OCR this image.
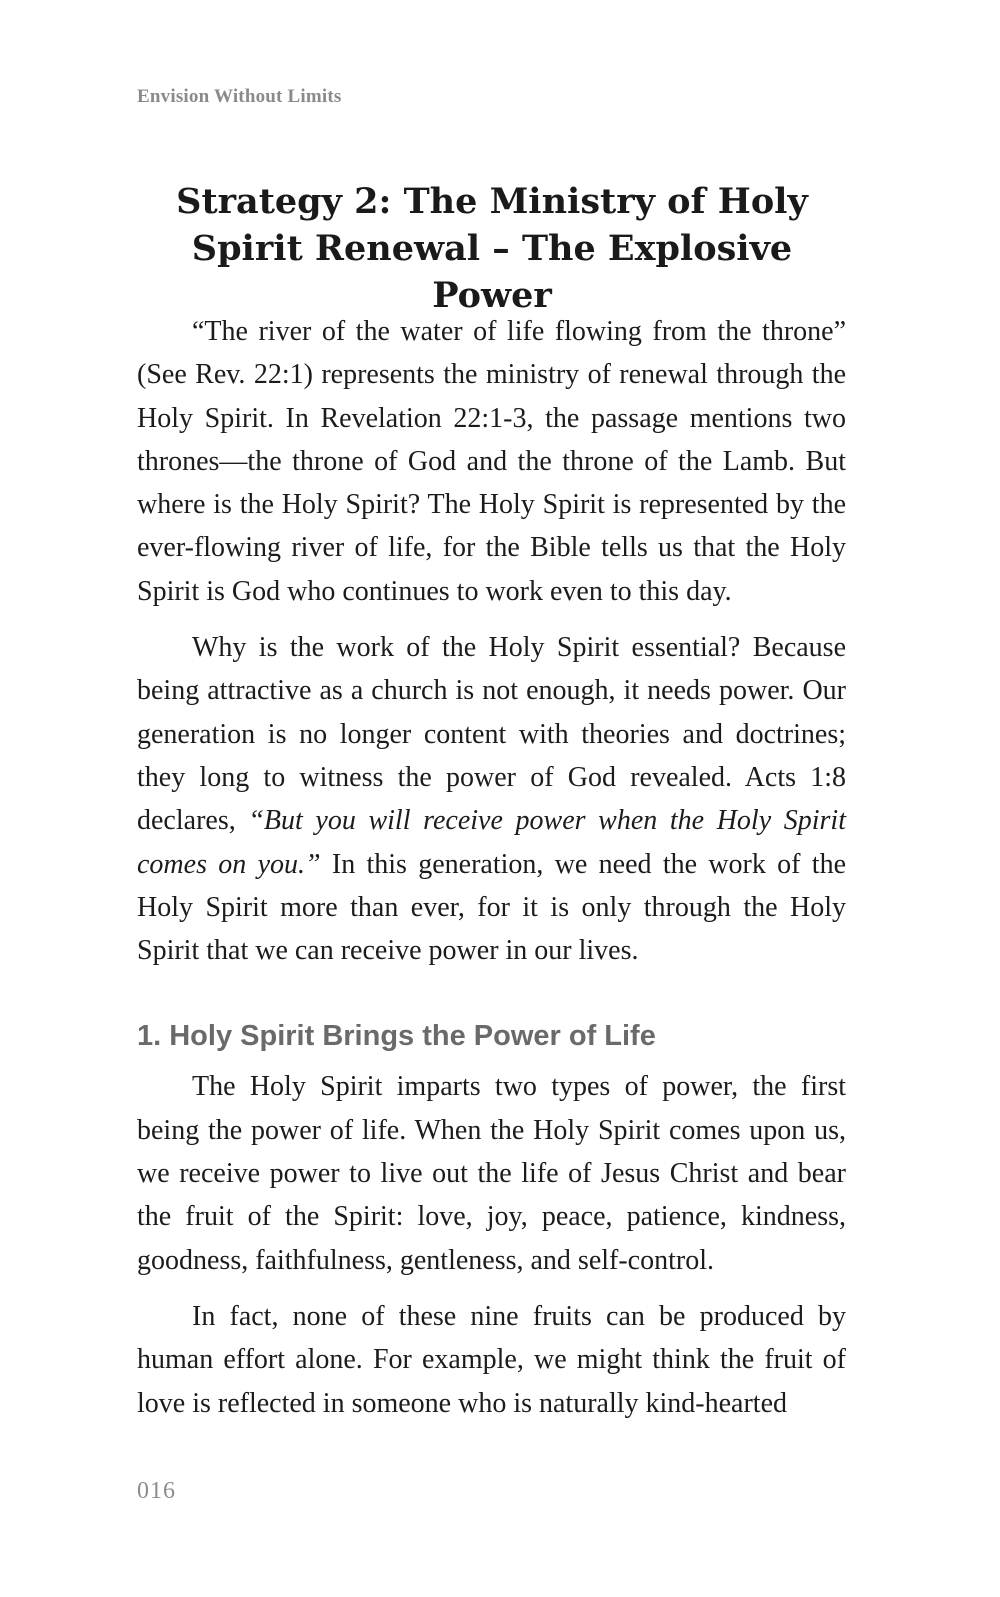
Envision Without Limits
Strategy 2: The Ministry of Holy
Spirit Renewal – The Explosive Power

“The river of the water of life flowing from the throne” (See Rev. 22:1) represents the ministry of renewal through the Holy Spirit. In Revelation 22:1-3, the passage mentions two thrones—the throne of God and the throne of the Lamb. But where is the Holy Spirit? The Holy Spirit is represented by the ever-flowing river of life, for the Bible tells us that the Holy Spirit is God who continues to work even to this day.

Why is the work of the Holy Spirit essential? Because being attractive as a church is not enough, it needs power. Our generation is no longer content with theories and doctrines; they long to witness the power of God revealed. Acts 1:8 declares, “But you will receive power when the Holy Spirit comes on you.” In this generation, we need the work of the Holy Spirit more than ever, for it is only through the Holy Spirit that we can receive power in our lives.

1. Holy Spirit Brings the Power of Life

The Holy Spirit imparts two types of power, the first being the power of life. When the Holy Spirit comes upon us, we receive power to live out the life of Jesus Christ and bear the fruit of the Spirit: love, joy, peace, patience, kindness, goodness, faithfulness, gentleness, and self-control.

In fact, none of these nine fruits can be produced by human effort alone. For example, we might think the fruit of love is reflected in someone who is naturally kind-hearted

016
